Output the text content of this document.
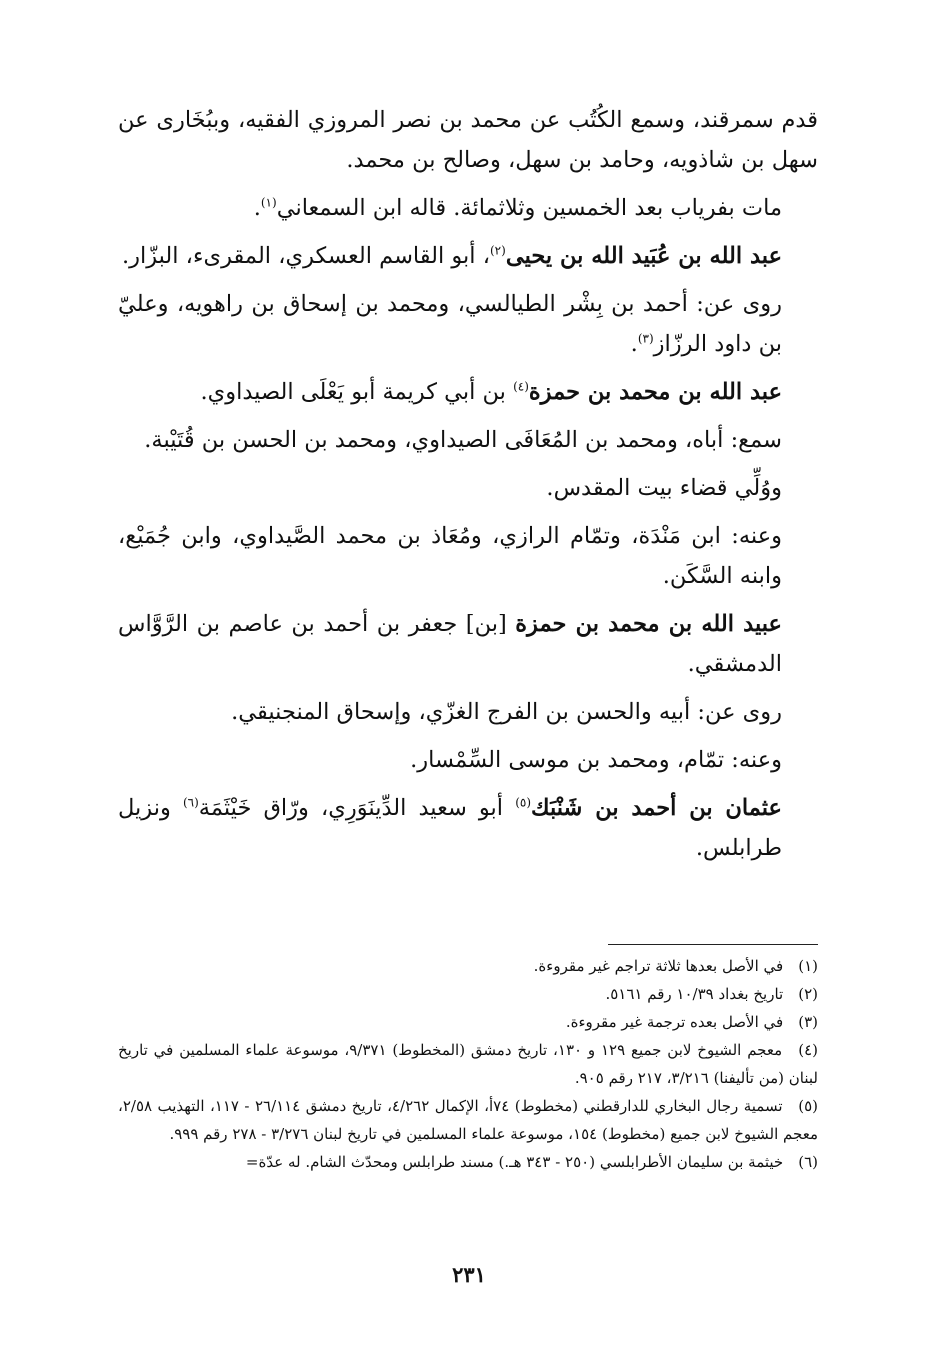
قدم سمرقند، وسمع الكُتُب عن محمد بن نصر المروزي الفقيه، وببُخَارى عن سهل بن شاذويه، وحامد بن سهل، وصالح بن محمد.

مات بفرياب بعد الخمسين وثلاثمائة. قاله ابن السمعاني$^{(١)}$.

عبد الله بن عُبَيد الله بن يحيى$^{(٢)}$، أبو القاسم العسكري، المقرىء، البزّار.

روى عن: أحمد بن بِشْر الطيالسي، ومحمد بن إسحاق بن راهويه، وعليّ بن داود الرزّاز$^{(٣)}$.

عبد الله بن محمد بن حمزة$^{(٤)}$ بن أبي كريمة أبو يَعْلَى الصيداوي.

سمع: أباه، ومحمد بن المُعَافَى الصيداوي، ومحمد بن الحسن بن قُتَيْبة.

ووُلِّي قضاء بيت المقدس.

وعنه: ابن مَنْدَة، وتمّام الرازي، ومُعَاذ بن محمد الصَّيداوي، وابن جُمَيْع، وابنه السَّكَن.

عبيد الله بن محمد بن حمزة [بن] جعفر بن أحمد بن عاصم بن الرَّوَّاس الدمشقي.

روى عن: أبيه والحسن بن الفرج الغزّي، وإسحاق المنجنيقي.

وعنه: تمّام، ومحمد بن موسى السِّمْسار.

عثمان بن أحمد بن شَنْبَك$^{(٥)}$ أبو سعيد الدِّينَوَرِي، ورّاق خَيْثَمَة$^{(٦)}$ ونزيل طرابلس.

(١) في الأصل بعدها ثلاثة تراجم غير مقروءة.

(٢) تاريخ بغداد ١٠/٣٩ رقم ٥١٦١.

(٣) في الأصل بعده ترجمة غير مقروءة.

(٤) معجم الشيوخ لابن جميع ١٢٩ و ١٣٠، تاريخ دمشق (المخطوط) ٩/٣٧١، موسوعة علماء المسلمين في تاريخ لبنان (من تأليفنا) ٣/٢١٦، ٢١٧ رقم ٩٠٥.

(٥) تسمية رجال البخاري للدارقطني (مخطوط) ٧٤أ، الإكمال ٤/٢٦٢، تاريخ دمشق ٢٦/١١٤ - ١١٧، التهذيب ٢/٥٨، معجم الشيوخ لابن جميع (مخطوط) ١٥٤، موسوعة علماء المسلمين في تاريخ لبنان ٣/٢٧٦ - ٢٧٨ رقم ٩٩٩.

(٦) خيثمة بن سليمان الأطرابلسي (٢٥٠ - ٣٤٣ هـ.) مسند طرابلس ومحدّث الشام. له عدّة=

٢٣١
